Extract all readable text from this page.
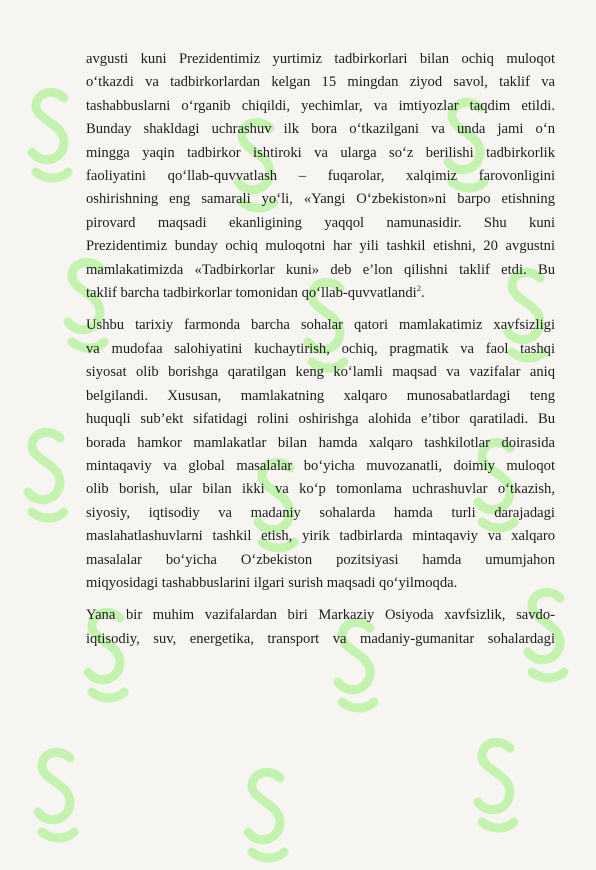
avgusti kuni Prezidentimiz yurtimiz tadbirkorlari bilan ochiq muloqot
o‘tkazdi va tadbirkorlardan kelgan 15 mingdan ziyod savol, taklif va
tashabbuslarni o‘rganib chiqildi, yechimlar, va imtiyozlar taqdim etildi.
Bunday shakldagi uchrashuv ilk bora o‘tkazilgani va unda jami o‘n
mingga yaqin tadbirkor ishtiroki va ularga so‘z berilishi tadbirkorlik
faoliyatini qo‘llab-quvvatlash – fuqarolar, xalqimiz farovonligini
oshirishning eng samarali yo‘li, «Yangi O‘zbekiston»ni barpo etishning
pirovard maqsadi ekanligining yaqqol namunasidir. Shu kuni
Prezidentimiz bunday ochiq muloqotni har yili tashkil etishni, 20 avgustni
mamlakatimizda «Tadbirkorlar kuni» deb e’lon qilishni taklif etdi. Bu
taklif barcha tadbirkorlar tomonidan qo‘llab-quvvatlandi$^2$.

Ushbu tarixiy farmonda barcha sohalar qatori mamlakatimiz xavfsizligi
va mudofaa salohiyatini kuchaytirish, ochiq, pragmatik va faol tashqi
siyosat olib borishga qaratilgan keng ko‘lamli maqsad va vazifalar aniq
belgilandi. Xususan, mamlakatning xalqaro munosabatlardagi teng
huquqli sub’ekt sifatidagi rolini oshirishga alohida e’tibor qaratiladi. Bu
borada hamkor mamlakatlar bilan hamda xalqaro tashkilotlar doirasida
mintaqaviy va global masalalar bo‘yicha muvozanatli, doimiy muloqot
olib borish, ular bilan ikki va ko‘p tomonlama uchrashuvlar o‘tkazish,
siyosiy, iqtisodiy va madaniy sohalarda hamda turli darajadagi
maslahatlashuvlarni tashkil etish, yirik tadbirlarda mintaqaviy va xalqaro
masalalar bo‘yicha O‘zbekiston pozitsiyasi hamda umumjahon
miqyosidagi tashabbuslarini ilgari surish maqsadi qo‘yilmoqda.

Yana bir muhim vazifalardan biri Markaziy Osiyoda xavfsizlik, savdo-
iqtisodiy, suv, energetika, transport va madaniy-gumanitar sohalardagi
